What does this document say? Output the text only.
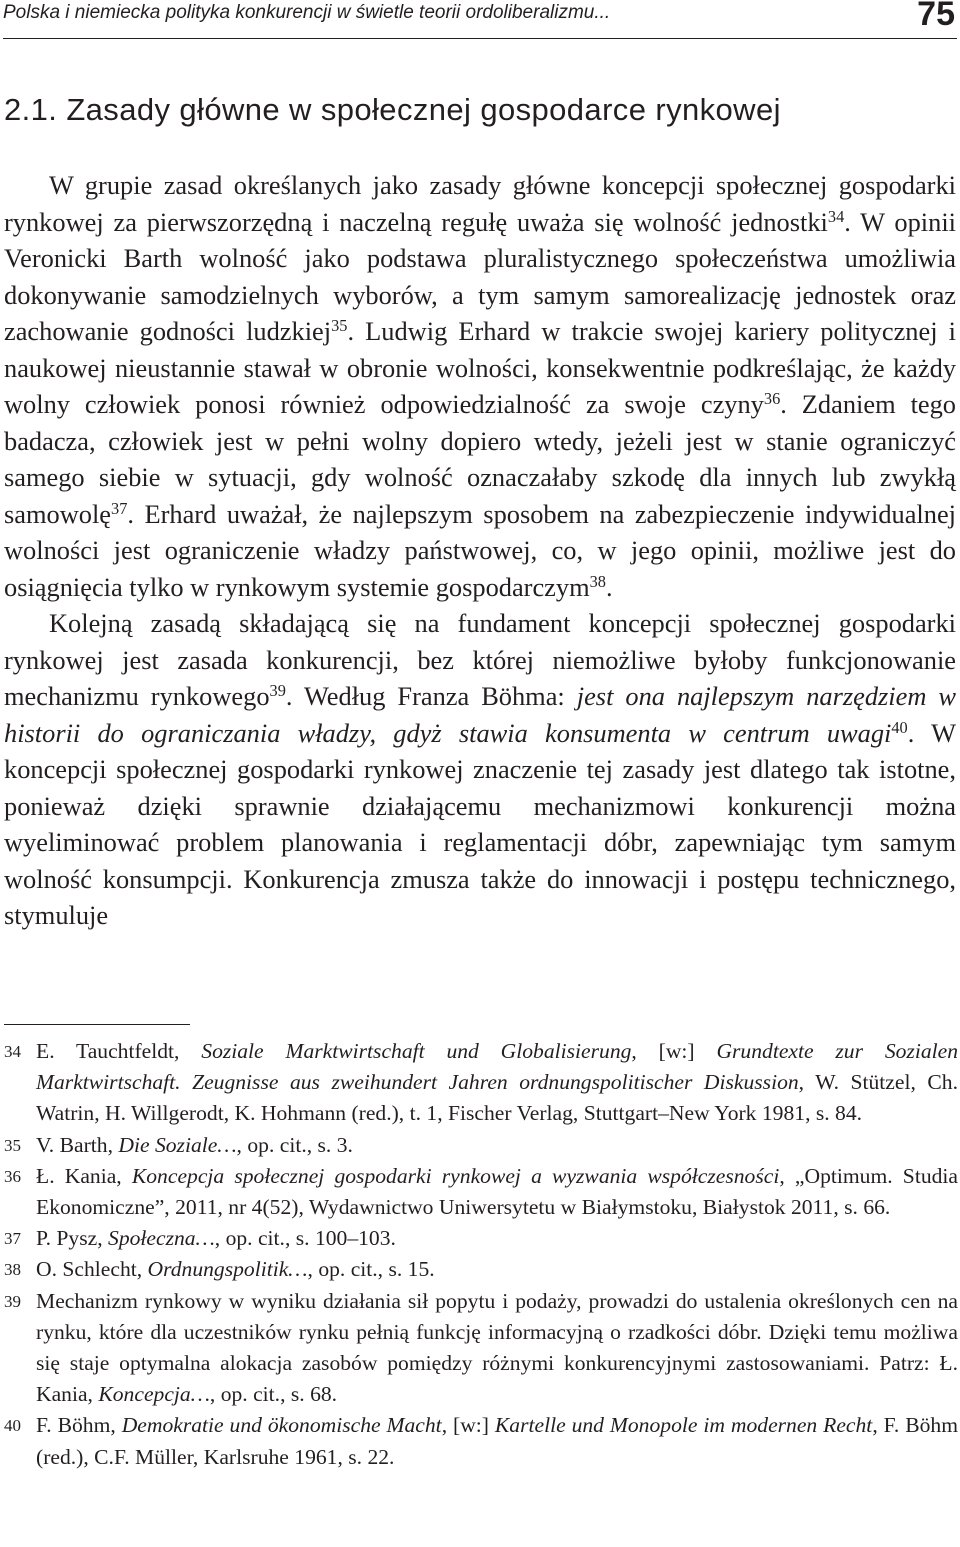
Polska i niemiecka polityka konkurencji w świetle teorii ordoliberalizmu...	75
2.1. Zasady główne w społecznej gospodarce rynkowej

W grupie zasad określanych jako zasady główne koncepcji społecznej gospodarki rynkowej za pierwszorzędną i naczelną regułę uważa się wolność jednostki$^{34}$. W opinii Veronicki Barth wolność jako podstawa pluralistycznego społeczeństwa umożliwia dokonywanie samodzielnych wyborów, a tym samym samorealizację jednostek oraz zachowanie godności ludzkiej$^{35}$. Ludwig Erhard w trakcie swojej kariery politycznej i naukowej nieustannie stawał w obronie wolności, konsekwentnie podkreślając, że każdy wolny człowiek ponosi również odpowiedzialność za swoje czyny$^{36}$. Zdaniem tego badacza, człowiek jest w pełni wolny dopiero wtedy, jeżeli jest w stanie ograniczyć samego siebie w sytuacji, gdy wolność oznaczałaby szkodę dla innych lub zwykłą samowolę$^{37}$. Erhard uważał, że najlepszym sposobem na zabezpieczenie indywidualnej wolności jest ograniczenie władzy państwowej, co, w jego opinii, możliwe jest do osiągnięcia tylko w rynkowym systemie gospodarczym$^{38}$.

Kolejną zasadą składającą się na fundament koncepcji społecznej gospodarki rynkowej jest zasada konkurencji, bez której niemożliwe byłoby funkcjonowanie mechanizmu rynkowego$^{39}$. Według Franza Böhma: jest ona najlepszym narzędziem w historii do ograniczania władzy, gdyż stawia konsumenta w centrum uwagi$^{40}$. W koncepcji społecznej gospodarki rynkowej znaczenie tej zasady jest dlatego tak istotne, ponieważ dzięki sprawnie działającemu mechanizmowi konkurencji można wyeliminować problem planowania i reglamentacji dóbr, zapewniając tym samym wolność konsumpcji. Konkurencja zmusza także do innowacji i postępu technicznego, stymuluje

34 E. Tauchtfeldt, Soziale Marktwirtschaft und Globalisierung, [w:] Grundtexte zur Sozialen Marktwirtschaft. Zeugnisse aus zweihundert Jahren ordnungspolitischer Diskussion, W. Stützel, Ch. Watrin, H. Willgerodt, K. Hohmann (red.), t. 1, Fischer Verlag, Stuttgart–New York 1981, s. 84.
35 V. Barth, Die Soziale…, op. cit., s. 3.
36 Ł. Kania, Koncepcja społecznej gospodarki rynkowej a wyzwania współczesności, „Optimum. Studia Ekonomiczne”, 2011, nr 4(52), Wydawnictwo Uniwersytetu w Białymstoku, Białystok 2011, s. 66.
37 P. Pysz, Społeczna…, op. cit., s. 100–103.
38 O. Schlecht, Ordnungspolitik…, op. cit., s. 15.
39 Mechanizm rynkowy w wyniku działania sił popytu i podaży, prowadzi do ustalenia określonych cen na rynku, które dla uczestników rynku pełnią funkcję informacyjną o rzadkości dóbr. Dzięki temu możliwa się staje optymalna alokacja zasobów pomiędzy różnymi konkurencyjnymi zastosowaniami. Patrz: Ł. Kania, Koncepcja…, op. cit., s. 68.
40 F. Böhm, Demokratie und ökonomische Macht, [w:] Kartelle und Monopole im modernen Recht, F. Böhm (red.), C.F. Müller, Karlsruhe 1961, s. 22.
